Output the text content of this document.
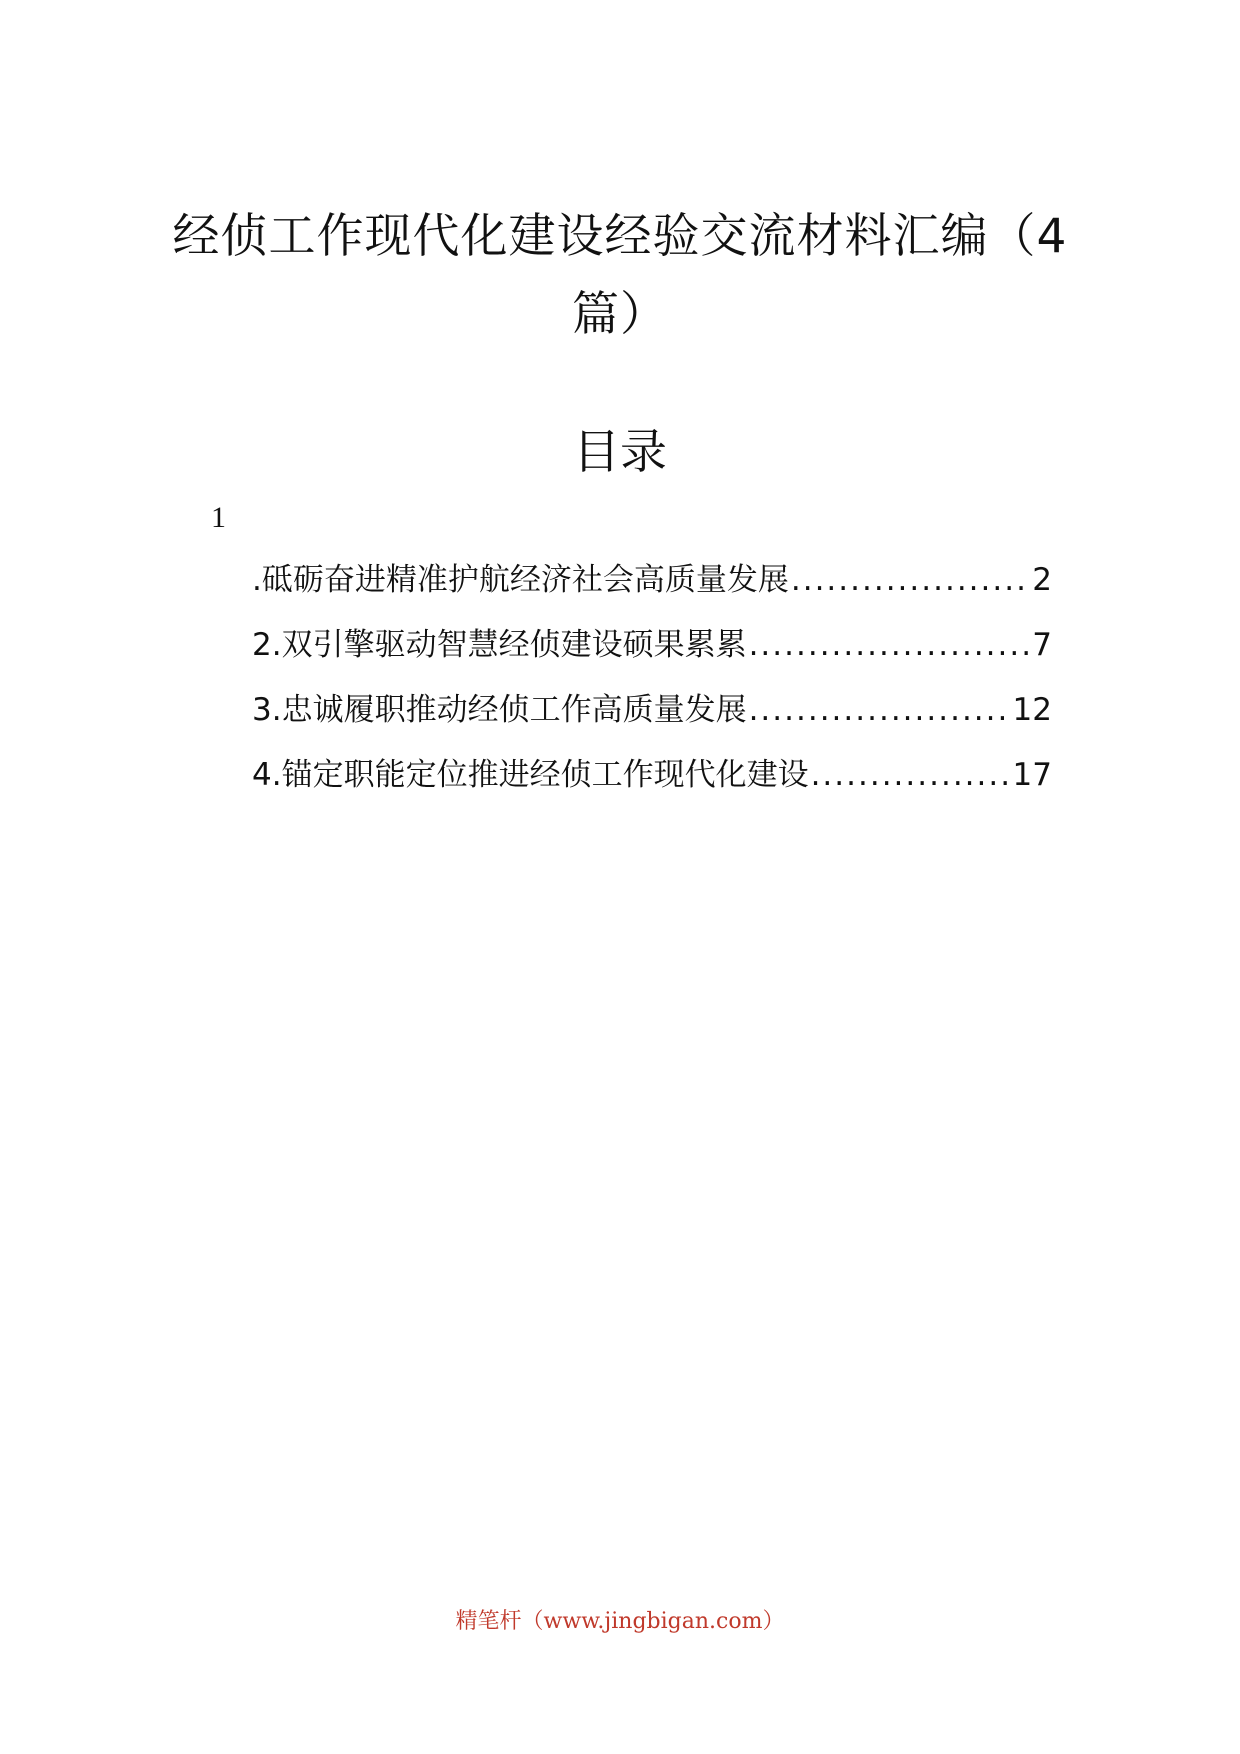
经侦工作现代化建设经验交流材料汇编（4
篇）
目录
1
.砥砺奋进精准护航经济社会高质量发展 .....	2
2.双引擎驱动智慧经侦建设硕果累累 .....	7
3.忠诚履职推动经侦工作高质量发展 .....	12
4.锚定职能定位推进经侦工作现代化建设 .....	17
精笔杆（www.jingbigan.com）
